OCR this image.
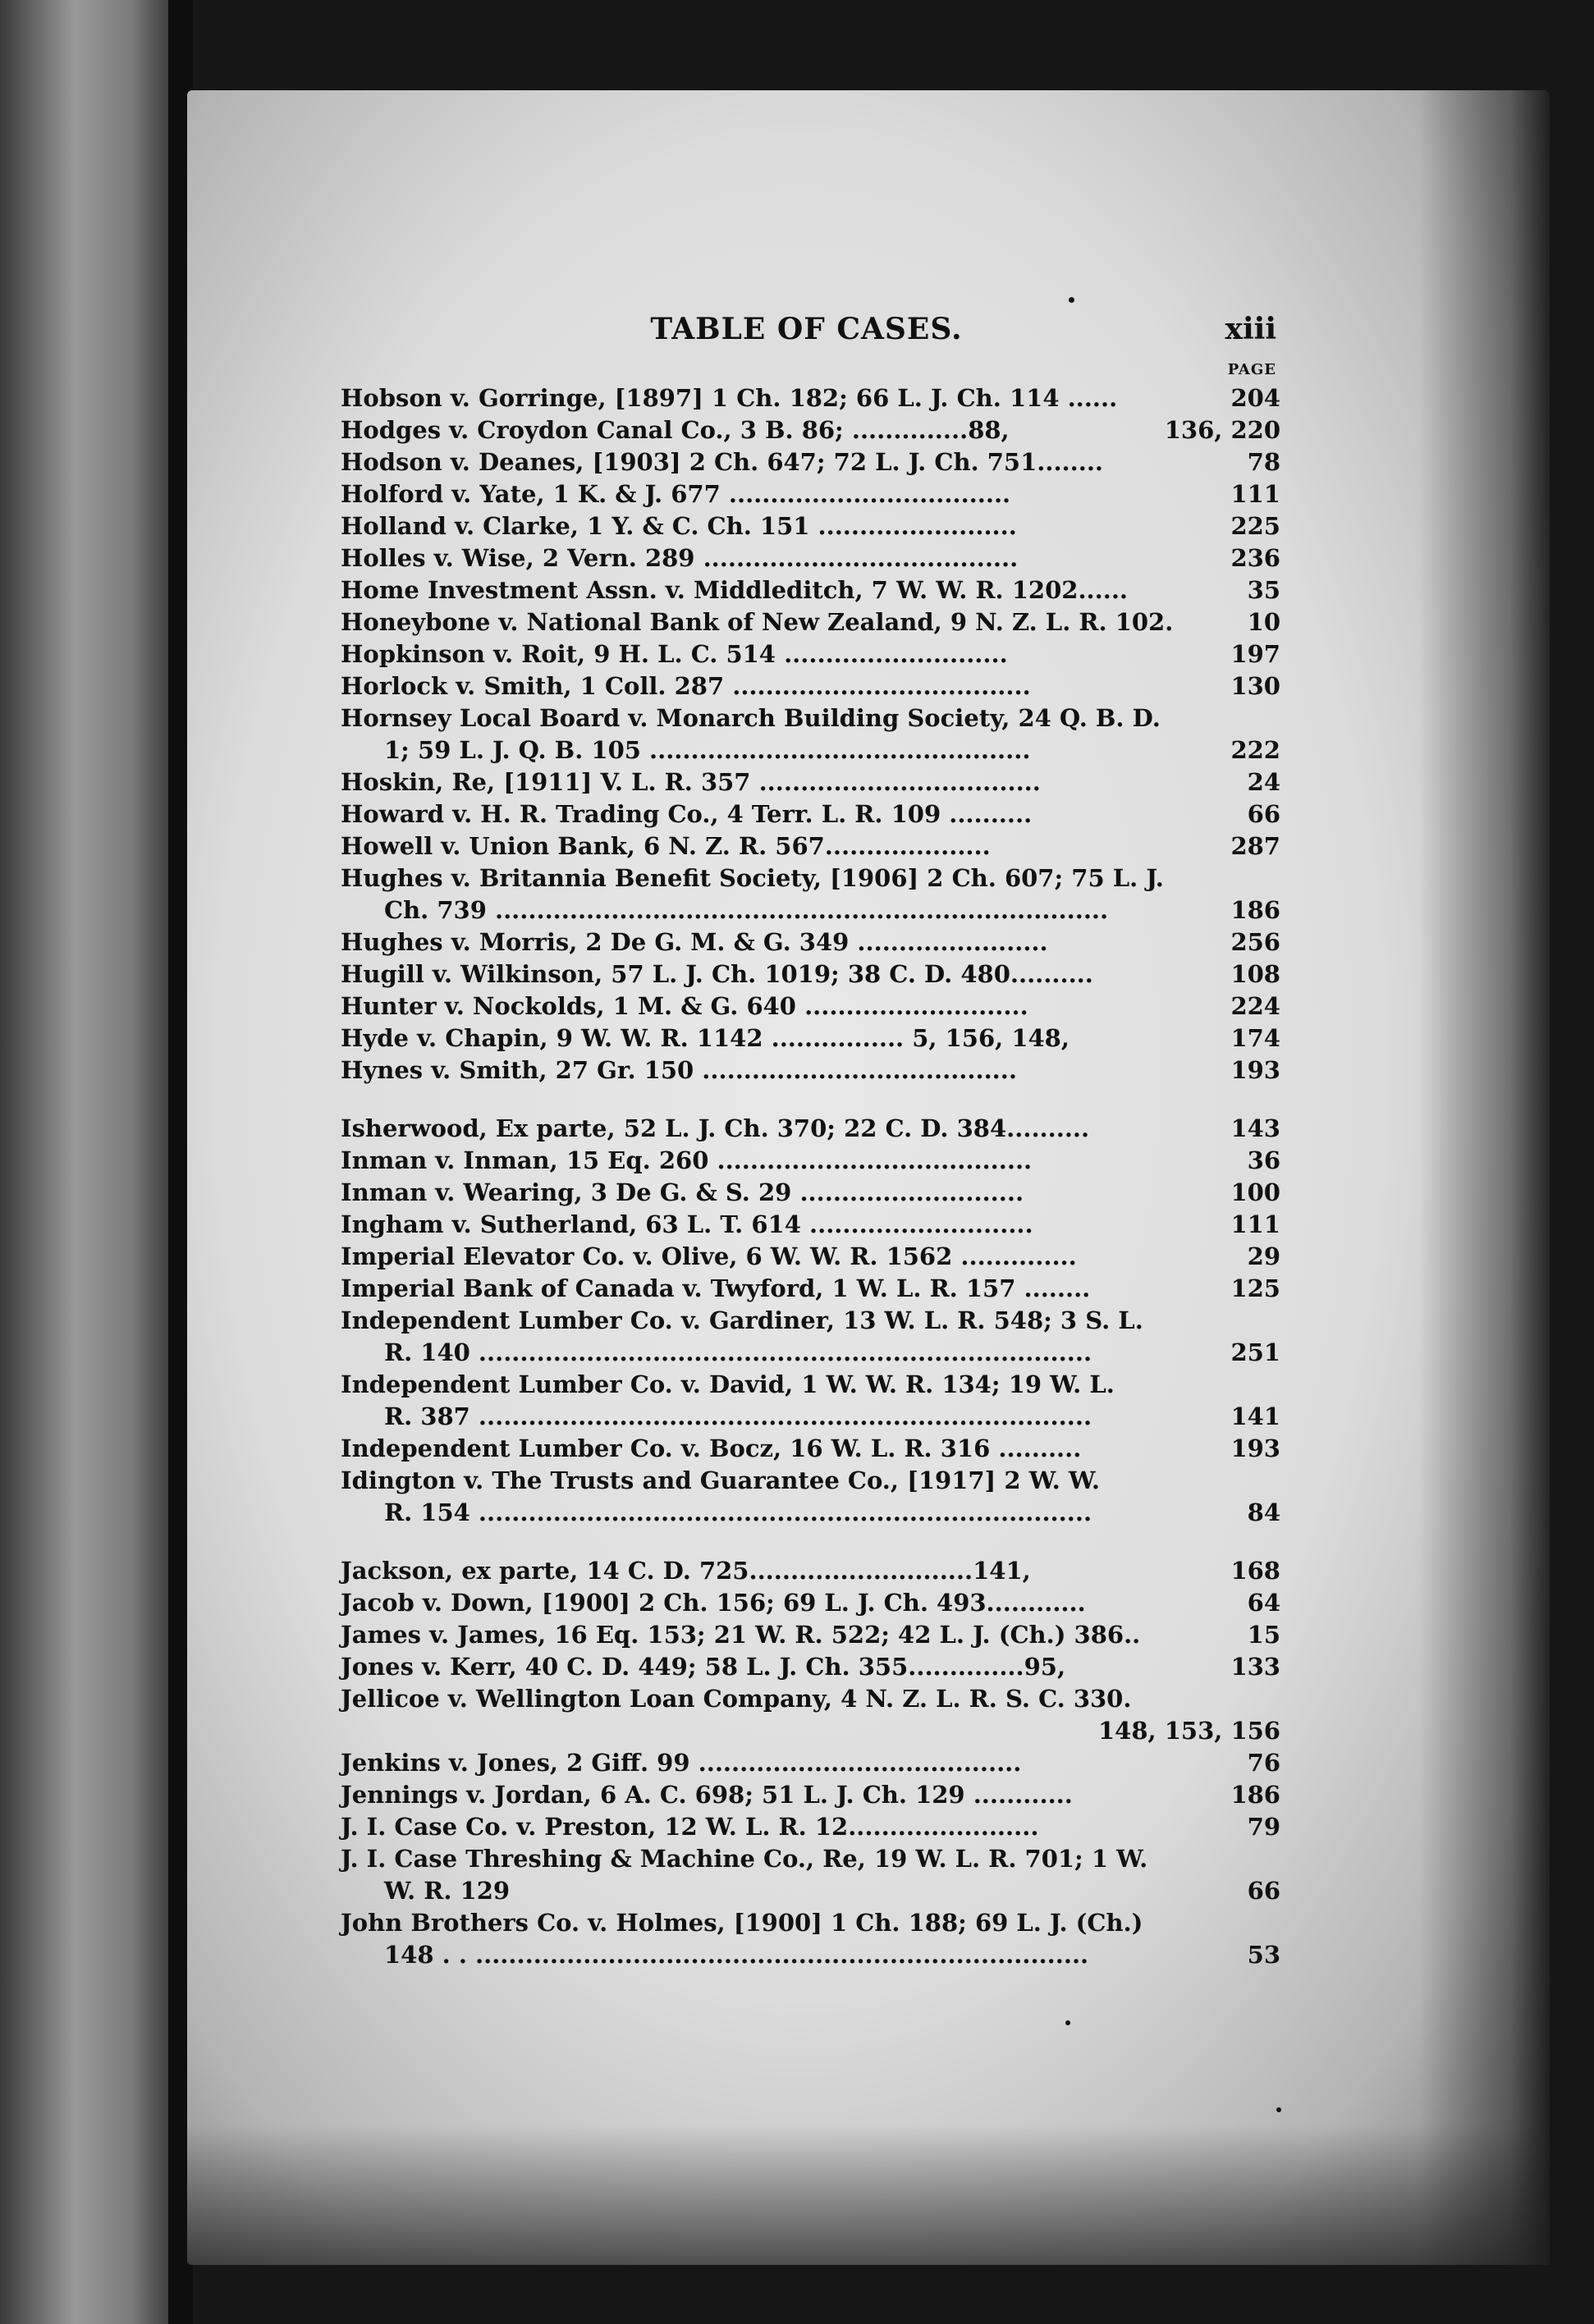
TABLE OF CASES.	xiii
PAGE
Hobson v. Gorringe, [1897] 1 Ch. 182; 66 L. J. Ch. 114 ......	204
Hodges v. Croydon Canal Co., 3 B. 86; ..............88,	136, 220
Hodson v. Deanes, [1903] 2 Ch. 647; 72 L. J. Ch. 751........	78
Holford v. Yate, 1 K. & J. 677 ..................................	111
Holland v. Clarke, 1 Y. & C. Ch. 151 ........................	225
Holles v. Wise, 2 Vern. 289 ......................................	236
Home Investment Assn. v. Middleditch, 7 W. W. R. 1202......	35
Honeybone v. National Bank of New Zealand, 9 N. Z. L. R. 102.	10
Hopkinson v. Roit, 9 H. L. C. 514 ...........................	197
Horlock v. Smith, 1 Coll. 287 ....................................	130
Hornsey Local Board v. Monarch Building Society, 24 Q. B. D.
1; 59 L. J. Q. B. 105 ..............................................	222
Hoskin, Re, [1911] V. L. R. 357 ..................................	24
Howard v. H. R. Trading Co., 4 Terr. L. R. 109 ..........	66
Howell v. Union Bank, 6 N. Z. R. 567....................	287
Hughes v. Britannia Benefit Society, [1906] 2 Ch. 607; 75 L. J.
Ch. 739 ..........................................................................	186
Hughes v. Morris, 2 De G. M. & G. 349 .......................	256
Hugill v. Wilkinson, 57 L. J. Ch. 1019; 38 C. D. 480..........	108
Hunter v. Nockolds, 1 M. & G. 640 ...........................	224
Hyde v. Chapin, 9 W. W. R. 1142 ................ 5, 156, 148,	174
Hynes v. Smith, 27 Gr. 150 ......................................	193
Isherwood, Ex parte, 52 L. J. Ch. 370; 22 C. D. 384..........	143
Inman v. Inman, 15 Eq. 260 ......................................	36
Inman v. Wearing, 3 De G. & S. 29 ...........................	100
Ingham v. Sutherland, 63 L. T. 614 ...........................	111
Imperial Elevator Co. v. Olive, 6 W. W. R. 1562 ..............	29
Imperial Bank of Canada v. Twyford, 1 W. L. R. 157 ........	125
Independent Lumber Co. v. Gardiner, 13 W. L. R. 548; 3 S. L.
R. 140 ..........................................................................	251
Independent Lumber Co. v. David, 1 W. W. R. 134; 19 W. L.
R. 387 ..........................................................................	141
Independent Lumber Co. v. Bocz, 16 W. L. R. 316 ..........	193
Idington v. The Trusts and Guarantee Co., [1917] 2 W. W.
R. 154 ..........................................................................	84
Jackson, ex parte, 14 C. D. 725...........................141,	168
Jacob v. Down, [1900] 2 Ch. 156; 69 L. J. Ch. 493............	64
James v. James, 16 Eq. 153; 21 W. R. 522; 42 L. J. (Ch.) 386..	15
Jones v. Kerr, 40 C. D. 449; 58 L. J. Ch. 355..............95,	133
Jellicoe v. Wellington Loan Company, 4 N. Z. L. R. S. C. 330.
148, 153, 156
Jenkins v. Jones, 2 Giff. 99 .......................................	76
Jennings v. Jordan, 6 A. C. 698; 51 L. J. Ch. 129 ............	186
J. I. Case Co. v. Preston, 12 W. L. R. 12.......................	79
J. I. Case Threshing & Machine Co., Re, 19 W. L. R. 701; 1 W.
W. R. 129	66
John Brothers Co. v. Holmes, [1900] 1 Ch. 188; 69 L. J. (Ch.)
148 . . ..........................................................................	53
